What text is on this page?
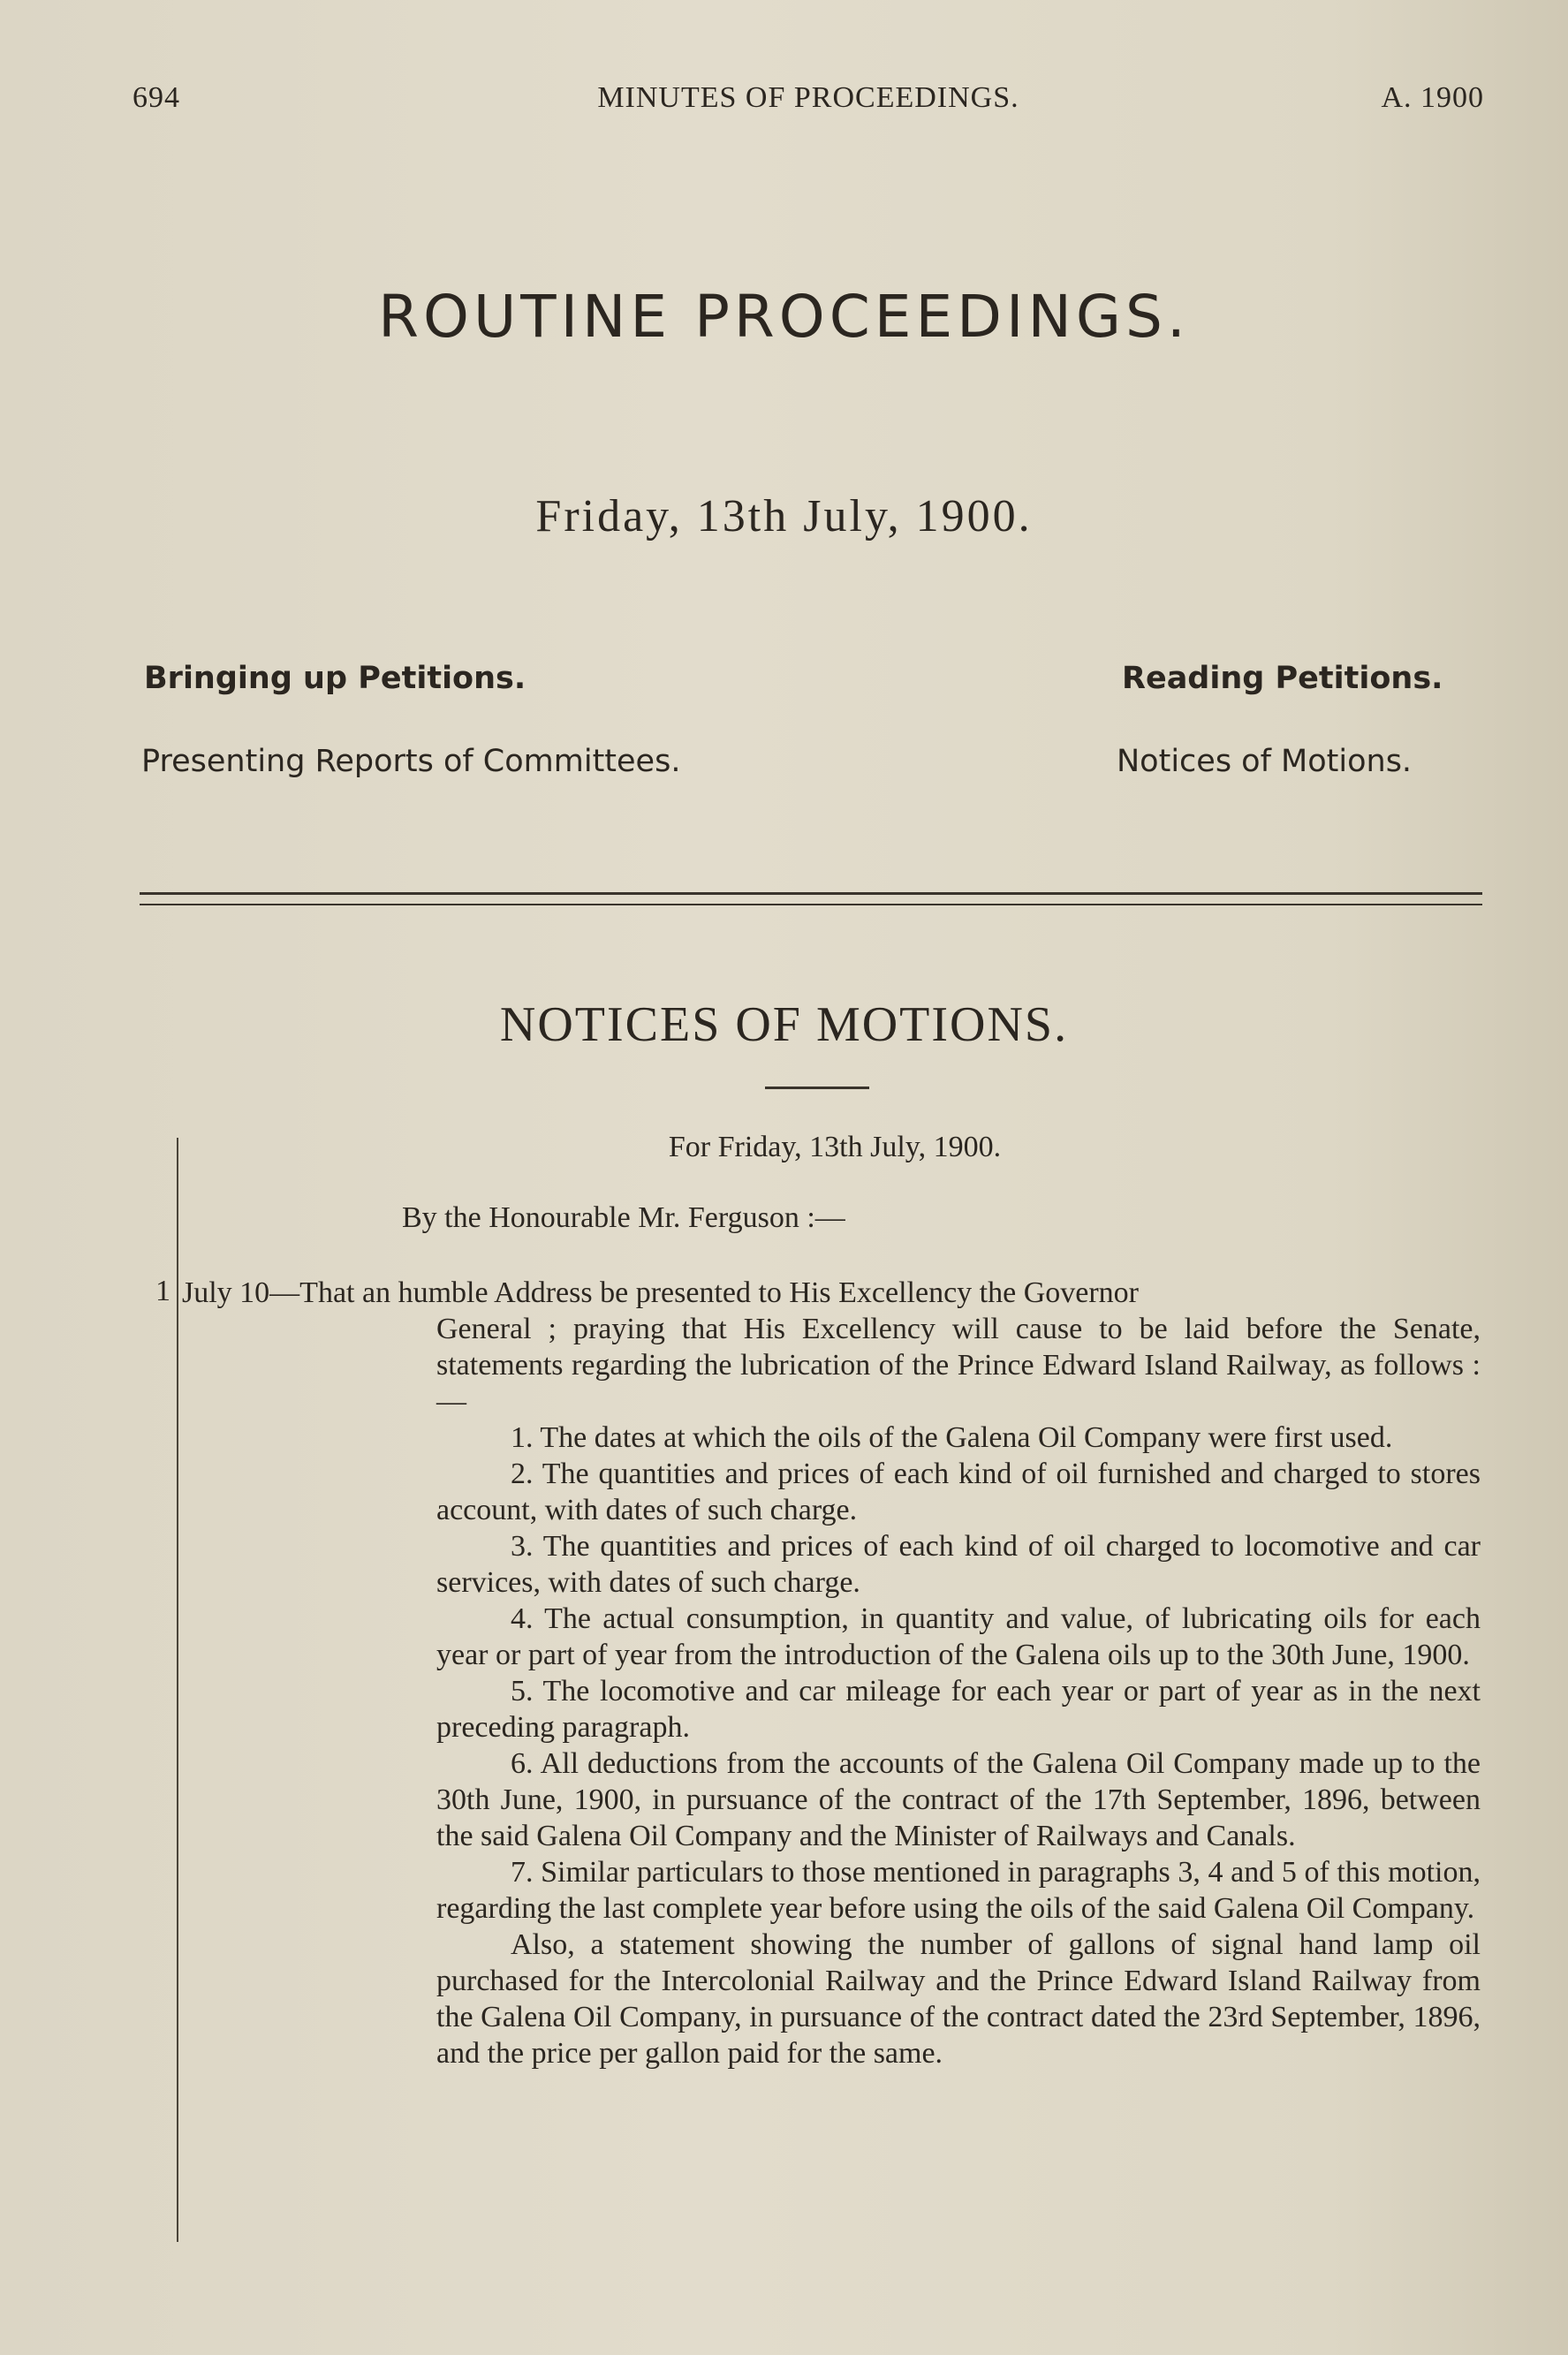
694	MINUTES OF PROCEEDINGS.	A. 1900
ROUTINE PROCEEDINGS.
Friday, 13th July, 1900.
Bringing up Petitions.	Reading Petitions.
Presenting Reports of Committees.	Notices of Motions.
NOTICES OF MOTIONS.
For Friday, 13th July, 1900.
By the Honourable Mr. Ferguson :—
1 July 10—That an humble Address be presented to His Excellency the Governor

General ; praying that His Excellency will cause to be laid before the Senate, statements regarding the lubrication of the Prince Edward Island Railway, as follows :—

1. The dates at which the oils of the Galena Oil Company were first used.

2. The quantities and prices of each kind of oil furnished and charged to stores account, with dates of such charge.

3. The quantities and prices of each kind of oil charged to locomotive and car services, with dates of such charge.

4. The actual consumption, in quantity and value, of lubricating oils for each year or part of year from the introduction of the Galena oils up to the 30th June, 1900.

5. The locomotive and car mileage for each year or part of year as in the next preceding paragraph.

6. All deductions from the accounts of the Galena Oil Company made up to the 30th June, 1900, in pursuance of the contract of the 17th September, 1896, between the said Galena Oil Company and the Minister of Railways and Canals.

7. Similar particulars to those mentioned in paragraphs 3, 4 and 5 of this motion, regarding the last complete year before using the oils of the said Galena Oil Company.

Also, a statement showing the number of gallons of signal hand lamp oil purchased for the Intercolonial Railway and the Prince Edward Island Railway from the Galena Oil Company, in pursuance of the contract dated the 23rd September, 1896, and the price per gallon paid for the same.
